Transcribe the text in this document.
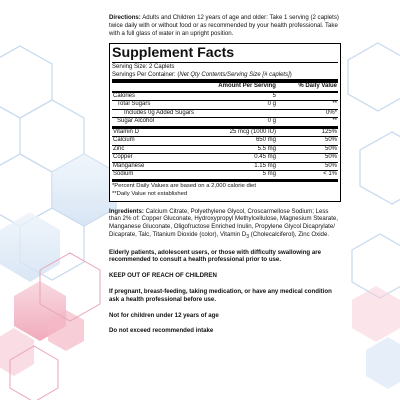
Directions: Adults and Children 12 years of age and older: Take 1 serving (2 caplets) twice daily with or without food or as recommended by your health professional. Take with a full glass of water in an upright position.

Supplement Facts
Serving Size: 2 Caplets
Servings Per Container: (Net Qty Contents/Serving Size [# caplets])
	Amount Per Serving	% Daily Value
Calories	5	
Total Sugars	0 g	**
Includes 0g Added Sugars		0%*
Sugar Alcohol	0 g	**
Vitamin D	25 mcg (1000 IU)	125%
Calcium	650 mg	50%
Zinc	5.5 mg	50%
Copper	0.45 mg	50%
Manganese	1.15 mg	50%
Sodium	5 mg	< 1%
*Percent Daily Values are based on a 2,000 calorie diet
**Daily Value not established

Ingredients: Calcium Citrate, Polyethylene Glycol, Croscarmellose Sodium; Less than 2% of: Copper Gluconate, Hydroxypropyl Methylcellulose, Magnesium Stearate, Manganese Gluconate, Oligofructose Enriched Inulin, Propylene Glycol Dicaprylate/ Dicaprate, Talc, Titanium Dioxide (color), Vitamin $D_3$ (Cholecalciferol), Zinc Oxide.

Elderly patients, adolescent users, or those with difficulty swallowing are recommended to consult a health professional prior to use.

KEEP OUT OF REACH OF CHILDREN

If pregnant, breast-feeding, taking medication, or have any medical condition ask a health professional before use.

Not for children under 12 years of age

Do not exceed recommended intake
